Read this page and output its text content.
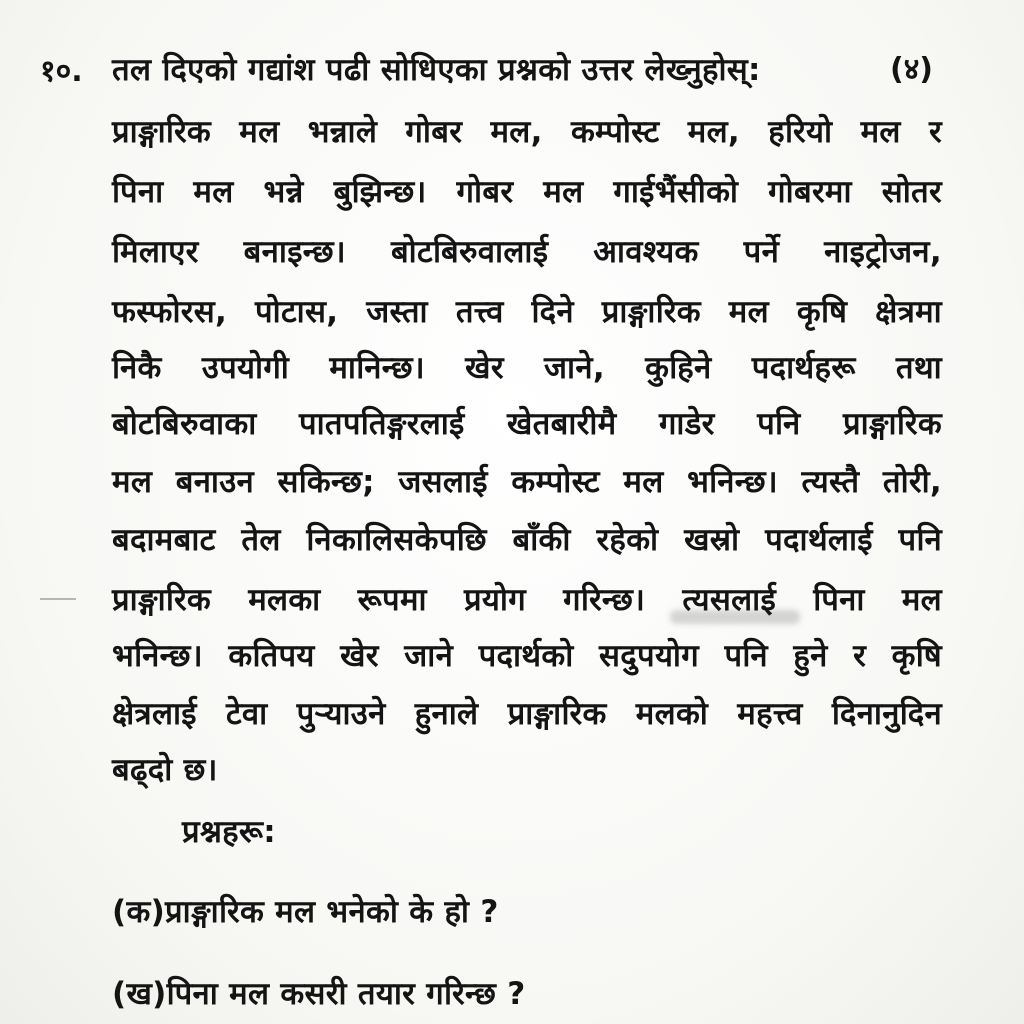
१०. तल दिएको गद्यांश पढी सोधिएका प्रश्नको उत्तर लेख्नुहोस्:	(४)
प्राङ्गारिक मल भन्नाले गोबर मल, कम्पोस्ट मल, हरियो मल र
पिना मल भन्ने बुझिन्छ। गोबर मल गाईभैंसीको गोबरमा सोतर
मिलाएर बनाइन्छ। बोटबिरुवालाई आवश्यक पर्ने नाइट्रोजन,
फस्फोरस, पोटास, जस्ता तत्त्व दिने प्राङ्गारिक मल कृषि क्षेत्रमा
निकै उपयोगी मानिन्छ। खेर जाने, कुहिने पदार्थहरू तथा
बोटबिरुवाका पातपतिङ्गरलाई खेतबारीमै गाडेर पनि प्राङ्गारिक
मल बनाउन सकिन्छ; जसलाई कम्पोस्ट मल भनिन्छ। त्यस्तै तोरी,
बदामबाट तेल निकालिसकेपछि बाँकी रहेको खस्रो पदार्थलाई पनि
प्राङ्गारिक मलका रूपमा प्रयोग गरिन्छ। त्यसलाई पिना मल
भनिन्छ। कतिपय खेर जाने पदार्थको सदुपयोग पनि हुने र कृषि
क्षेत्रलाई टेवा पुऱ्याउने हुनाले प्राङ्गारिक मलको महत्त्व दिनानुदिन
बढ्दो छ।
प्रश्नहरू:
(क)प्राङ्गारिक मल भनेको के हो ?
(ख)पिना मल कसरी तयार गरिन्छ ?
